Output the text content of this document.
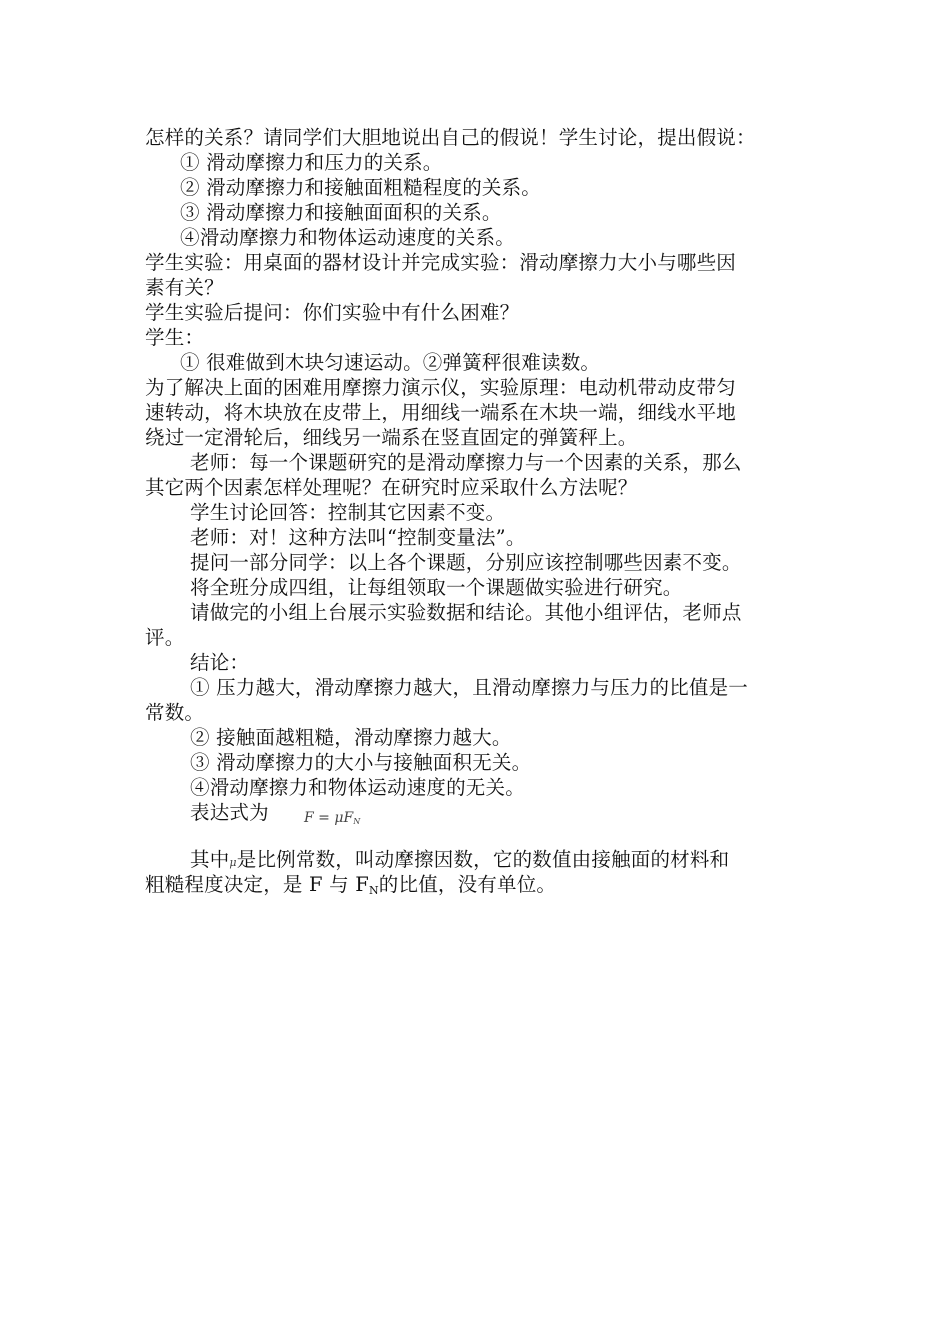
怎样的关系？请同学们大胆地说出自己的假说！学生讨论，提出假说：
① 滑动摩擦力和压力的关系。
② 滑动摩擦力和接触面粗糙程度的关系。
③ 滑动摩擦力和接触面面积的关系。
④滑动摩擦力和物体运动速度的关系。
学生实验：用桌面的器材设计并完成实验：滑动摩擦力大小与哪些因
素有关？
学生实验后提问：你们实验中有什么困难？
学生：
① 很难做到木块匀速运动。②弹簧秤很难读数。
为了解决上面的困难用摩擦力演示仪，实验原理：电动机带动皮带匀
速转动，将木块放在皮带上，用细线一端系在木块一端，细线水平地
绕过一定滑轮后，细线另一端系在竖直固定的弹簧秤上。
老师：每一个课题研究的是滑动摩擦力与一个因素的关系，那么
其它两个因素怎样处理呢？在研究时应采取什么方法呢？
学生讨论回答：控制其它因素不变。
老师：对！这种方法叫“控制变量法”。
提问一部分同学：以上各个课题，分别应该控制哪些因素不变。
将全班分成四组，让每组领取一个课题做实验进行研究。
请做完的小组上台展示实验数据和结论。其他小组评估，老师点
评。
结论：
① 压力越大，滑动摩擦力越大，且滑动摩擦力与压力的比值是一
常数。
② 接触面越粗糙，滑动摩擦力越大。
③ 滑动摩擦力的大小与接触面积无关。
④滑动摩擦力和物体运动速度的无关。
表达式为	$F = \mu F_N$
其中μ是比例常数，叫动摩擦因数，它的数值由接触面的材料和
粗糙程度决定，是 F 与 FN的比值，没有单位。
